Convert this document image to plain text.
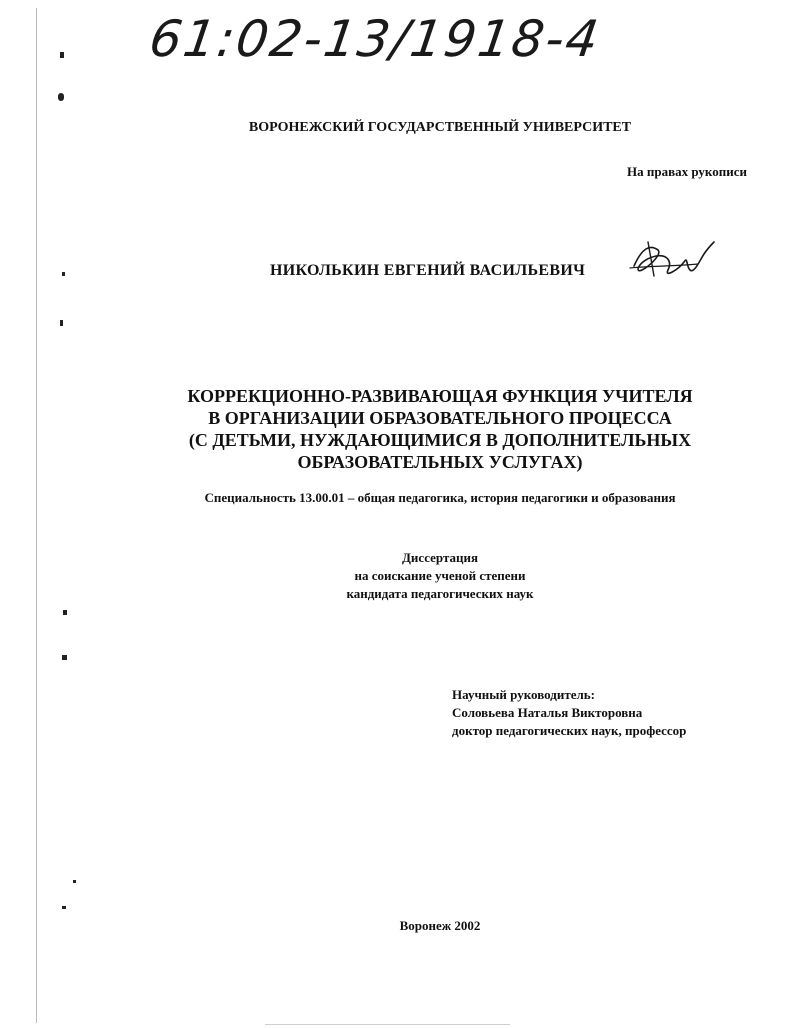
61:02-13/1918-4
ВОРОНЕЖСКИЙ ГОСУДАРСТВЕННЫЙ УНИВЕРСИТЕТ
На правах рукописи
НИКОЛЬКИН ЕВГЕНИЙ ВАСИЛЬЕВИЧ
КОРРЕКЦИОННО-РАЗВИВАЮЩАЯ ФУНКЦИЯ УЧИТЕЛЯ
В ОРГАНИЗАЦИИ ОБРАЗОВАТЕЛЬНОГО ПРОЦЕССА
(С ДЕТЬМИ, НУЖДАЮЩИМИСЯ В ДОПОЛНИТЕЛЬНЫХ
ОБРАЗОВАТЕЛЬНЫХ УСЛУГАХ)
Специальность 13.00.01 – общая педагогика, история педагогики и образования
Диссертация
на соискание ученой степени
кандидата педагогических наук
Научный руководитель:
Соловьева Наталья Викторовна
доктор педагогических наук, профессор
Воронеж 2002
